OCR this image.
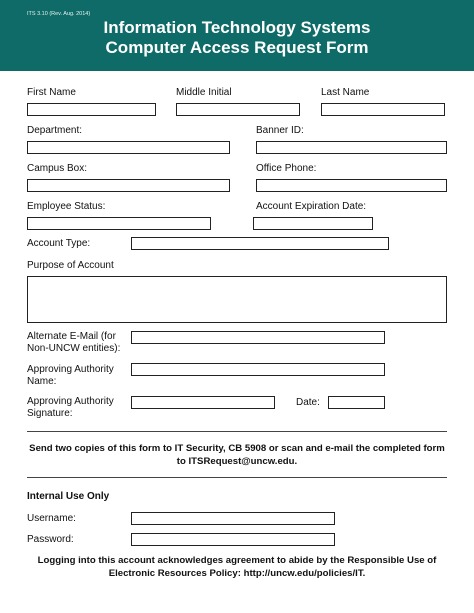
ITS 3.10 (Rev. Aug. 2014)
Information Technology Systems
Computer Access Request Form
First Name	Middle Initial	Last Name
Department:	Banner ID:
Campus Box:	Office Phone:
Employee Status:	Account Expiration Date:
Account Type:
Purpose of Account
Alternate E-Mail (for
Non-UNCW entities):
Approving Authority
Name:
Approving Authority
Signature:
Date:
Send two copies of this form to IT Security, CB 5908 or scan and e-mail the completed form
to ITSRequest@uncw.edu.
Internal Use Only
Username:
Password:
Logging into this account acknowledges agreement to abide by the Responsible Use of
Electronic Resources Policy: http://uncw.edu/policies/IT.
